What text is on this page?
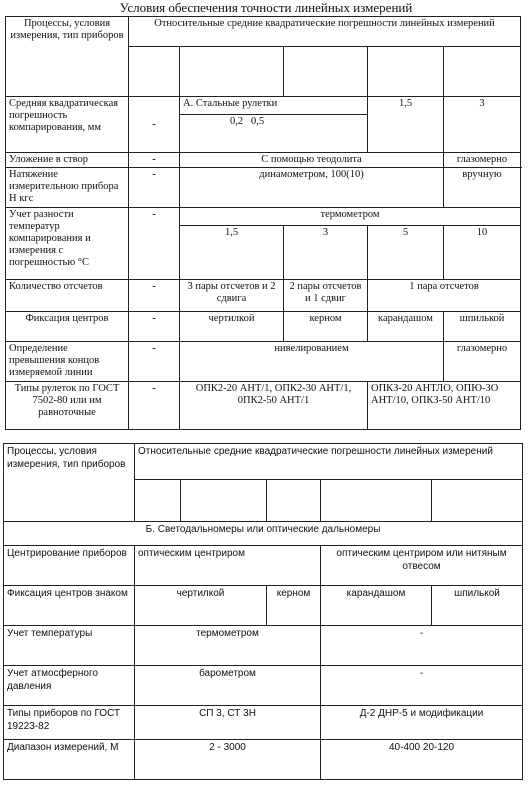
Условия обеспечения точности линейных измерений
Процессы, условия измерения, тип приборов	Относительные средние квадратические погрешности линейных измерений				

Средняя квадратическая погрешность компарирования, мм	-	А. Стальные рулетки		1,5	3
		0,2 0,5			
Уложение в створ	-	С помощью теодолита			глазомерно
Натяжение измерительною прибора Н кгс	-	динамометром, 100(10)			вручную
Учет разности температур компарирования и измерения с погрешностью °С	-	термометром			
		1,5	3	5	10
Количество отсчетов	-	3 пары отсчетов и 2 сдвига	2 пары отсчетов и 1 сдвиг	1 пара отсчетов	
Фиксация центров	-	чертилкой	керном	карандашом	шпилькой
Определение превышения концов измеряемой линии	-	нивелированием			глазомерно
Типы рулеток по ГОСТ 7502-80 или им равноточные	-	ОПК2-20 АНТ/1, ОПК2-30 АНТ/1, 0ПК2-50 АНТ/1		ОПКЗ-20 АНТЛО, ОПЮ-ЗО АНТ/10, ОПКЗ-50 АНТ/10	
Процессы, условия измерения, тип приборов	Относительные средние квадратические погрешности линейных измерений				

Б. Светодальномеры или оптические дальномеры					
Центрирование приборов	оптическим центриром			оптическим центриром или нитяным отвесом	
Фиксация центров знаком	чертилкой		керном	карандашом	шпилькой
Учет температуры	термометром			-	
Учет атмосферного давления	барометром			-	
Типы приборов по ГОСТ 19223-82	СП 3, СТ 3Н			Д-2 ДНР-5 и модификации	
Диапазон измерений, М	2 - 3000			40-400 20-120	
